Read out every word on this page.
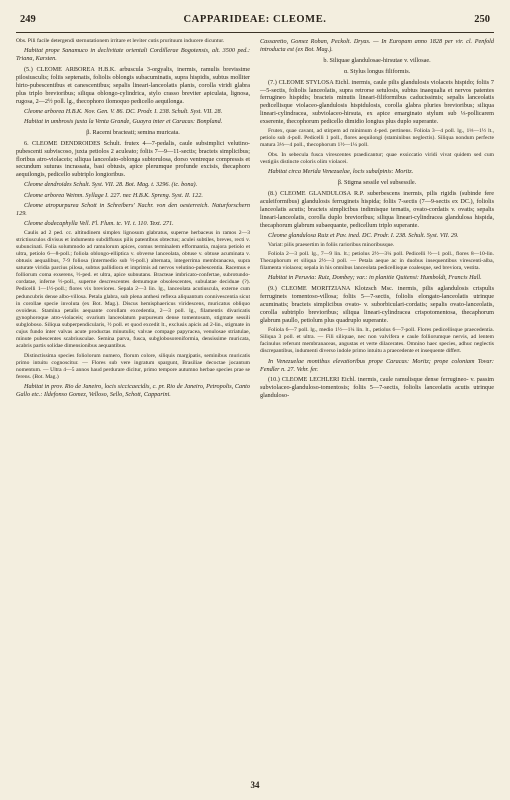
249	CAPPARIDEAE: CLEOME.	250

Obs. Pili facile detergendi sternutationem irritare et leviter cutis prurituum inducere dicuntur.

Habitat prope Sanamuco in declivitate orientali Cordillerae Bogotensis, alt. 3500 ped.: Triana, Karsten.

(5.) CLEOME ARBOREA H.B.K. arbuscula 3-orgyalis, inermis, ramulis brevissime pilosiusculis; foliis septenatis, foliolis oblongis subacuminatis, supra hispidis, subtus molliter hirto-pubescentibus et canescentibus; sepalis lineari-lanceolatis planis, corolla viridi glabra plus triplo brevioribus; siliqua oblongo-cylindrica, stylo crasso breviter apiculata, lignosa, rugosa, 2—2½ poll. lg., thecophoro ilomoquo pedicello aequilonga.

Cleome arborea H.B.K. Nov. Gen. V. 86. DC. Prodr. I. 238. Schult. Syst. VII. 28.

Habitat in umbrosis juxta la Venta Grande, Guayra inter et Caracas: Bonpland.

β. Racemi bracteati; semina muricata.

6. CLEOME DENDROIDES Schult. frutex 4—7-pedalis, caule subsimplici velutino-pubescenti subviscoso, juxta petiolos 2 aculeato; foliis 7—9—11-sectis; bracteis simplicibus; floribus atro-violaceis; siliqua lanceolato-oblonga subtorulosa, dorso ventreque compressis et secundum suturas incrassata, basi obtusis, apice plerumque profunde excisis, thecaphoro aequilongis, pedicello subtriplo longioribus.

Cleome dendroides Schult. Syst. VII. 28. Bot. Mag. t. 3296. (ic. bona).

Cleome arborea Weinm. Syllage I. 227. nec H.B.K. Spreng. Syst. II. 122.

Cleome atropurpurea Schott in Schreibers' Nachr. von den oesterreich. Naturforschern 129.

Cleome dodecaphylla Vell. Fl. Flum. tc. VI. t. 110. Text. 271.

Caulis ad 2 ped. cc. altitudinem simplex lignosum glabratus, superne herbaceus in ramos 2—3 strictiusculos divisus et indumento subdiffusus pilis patentibus obtectus; aculei subtiles, breves, recti v. subuncinati. Folia solummodo ad ramulorum apices, comus terminalem efformantia, majora petiolo et ultra, petiolo 6—8-poll.; foliola oblongo-elliptica v. obverse lanceolata, obtuse v. obtuse acuminata v. obtusis aequalibus, 7-9 foliosa (intermedio sub ½-poll.) alternata, integerrima membranacea, supra saturate viridia parcius pilosa, subtus pallidiora et imprimis ad nervos velutino-pubescentia. Racemus e folliorum coma exserens, ½-ped. et ultra, apice subnutans. Bracteae imbricato-confertae, subrotundo-cordatae, inferne ½-poll., superne descrescentes demumque obsolescentes, subulatae deciduae (?). Pedicelli 1—1½-poll.; flores vix breviores. Sepala 2—3 lin. lg., lanceolata acutiuscula, externe cum peduncubris dense albo-villosa. Petala glabra, sub plena anthesi reflexa aliquantum connivescentia sicut in corollae specie involuta (ex Bot. Mag.). Discus hemisphaericus viridescens, muricatus obliquo ovoideus. Stamina petalis aequante corollam excedentia, 2—3 poll. lg., filamentis divaricatis gynophoroque atro-violaceis; ovarium lanceolatum purpureum dense tomentosum, stigmate sessili subgloboso. Siliqua subperpendicularis, ½ poll. et quod excedit lt., exclusis apicis ad 2-lin., stigmate in cujus fundo inter valvas acute productas minutulis; valvae compage papyracea, venulosae striatulae, minute pubescentes scabriusculae. Semina parva, fusca, subglobosoreniformia, densissime muricata, acabris partis solidae dimensionibus aequantibus.

Distinctissima species foliolorum numero, florum colore, siliquis margipatis, seminibus muricatis primo intuitu cognoscitur. — Flores sub vere ingratum spargunt, Brasiliae decoctae jocantum nomentum. — Ultra 4—5 annos haud perdurare dicitur, primo tempore autumno herbae species prae se ferens. (Bot. Mag.)

Habitat in prov. Rio de Janeiro, locis siccicaecidis, c. pr. Rio de Janeiro, Petropolis, Canto Gallo etc.: Ildefonso Gomez, Velloso, Sello, Schott, Capparini.

Cassaretto, Gomez Roban, Peckolt. Dryas. — In Europam anno 1828 per vir. cl. Penfold introducta est (ex Bot. Mag.).

b. Siliquae glandulosae-hirsutae v. villosae.

α. Stylus longus filiformis.

(7.) CLEOME STYLOSA Eichl. inermis, caule pilis glandulosis violaceis hispido; foliis 7—5-sectis, foliolis lanceolatis, supra retrorse setulosis, subtus inaequalia et nervos patentes ferrugineo hispidis; bracteis minutis lineari-filiformibus caducissimis; sepalis lanceolatis pedicellisque violaceo-glandulosis hispidulosis, corolla glabra pluries brevioribus; siliqua lineari-cylindracea, subviolaceo-hirsuta, ex apice emarginato stylum sub ⅓-pollicarem exserente, thecophorum pedicello dimidio longius plus duplo superante.

Frutex, quae cavant, ad stirpem ad minimum 4-ped. pertinens. Foliola 3—4 poll. lg., 1⅓—1½ lt., petiolo sub 4-poll. Pedicelli 1 poll., flores aequilongi (staminibus neglectis). Siliqua nondum perfecte matura 3⅓—4 poll., thecophorum 1½—1¼ poll.

Obs. In sebecula fusca virescentes praedicantur; quae exsiccatio viridi vivat quidem sed cum vestigiis distincte coloris olim violacei.

Habitat circa Merida Venezuelae, locis subalpinis: Moritz.

β. Stigma sessile vel subsessile.

(8.) CLEOME GLANDULOSA R.P. suberbescens inermis, pilis rigidis (subinde fere aculeiformibus) glandulosis ferrugineis hispida; foliis 7-sectis (7—9-sectis ex DC.), foliolis lanceolatis acutis; bracteis simplicibus indimisque ternatis, ovato-cordatis v. ovatis; sepalis lineari-lanceolatis, corolla duplo brevioribus; siliqua lineari-cylindracea glandulosa hispida, thecaphorum glabrum subaequante, pedicellum triplo superante.

Cleome glandulosa Ruiz et Pav. ined. DC. Prodr. I. 238. Schult. Syst. VII. 29.

Variat: pilis praesertim in foliis rarioribus minoribusque.

Foliola 2—3 poll. lg., 7—9 lin. lt.; petiolus 2½—3¼ poll. Pedicelli ½—1 poll., flores 8—10-lin. Thecaphorum et siliqua 2½—3 poll. — Petala aeque ac in duobus insequentibus virescenti-alba, filamenta violacea; sepala in his omnibus lanceolata pedicellisque coalesque, sed breviora, vestita.

Habitat in Peruvia: Ruiz, Dombey; var.: in planitie Quitensi: Humboldt, Francis Hall.

(9.) CLEOME MORITZIANA Klotzsch Msc. inermis, pilis aglandulosis crispulis ferrugineis tomentoso-villosa; foliis 5—7-sectis, foliolis elongato-lanceolatis utrinque acuminatis; bracteis simplicibus ovato- v. suborbiculari-cordatis; sepalis ovato-lanceolatis, corolla subtriplo brevioribus; siliqua lineari-cylindracea crispotomentosa, thecaphorum glabrum paullo, petiolum plus quadruplo superante.

Foliola 6—7 poll. lg., medio 1½—1¼ lin. lt., petiolus 6—7-poll. Flores pedicellisque praecedentia. Siliqua 3 poll. et ultra. — Fili siliquae, nec non valvifera e caule folliorumque nervis, ad lentem facinulus referunt membranaceas, angustas et verte dilacerates. Omnino haec species, adhuc neglectis discrepantibus, indumenti diverso indole primo intuitu a praecedente et insequente differt.

In Venezuelae montibus elevatioribus prope Caracas: Moritz; prope coloniam Tovar: Fendler n. 27. Vehr. fer.

(10.) CLEOME LECHLERI Eichl. inermis, caule ramulisque dense ferrugineo- v. passim subviolaceo-glanduloso-tomentosis; foliis 5—7-sectis, foliolis lanceolatis acutis utrinque glanduloso-

34
